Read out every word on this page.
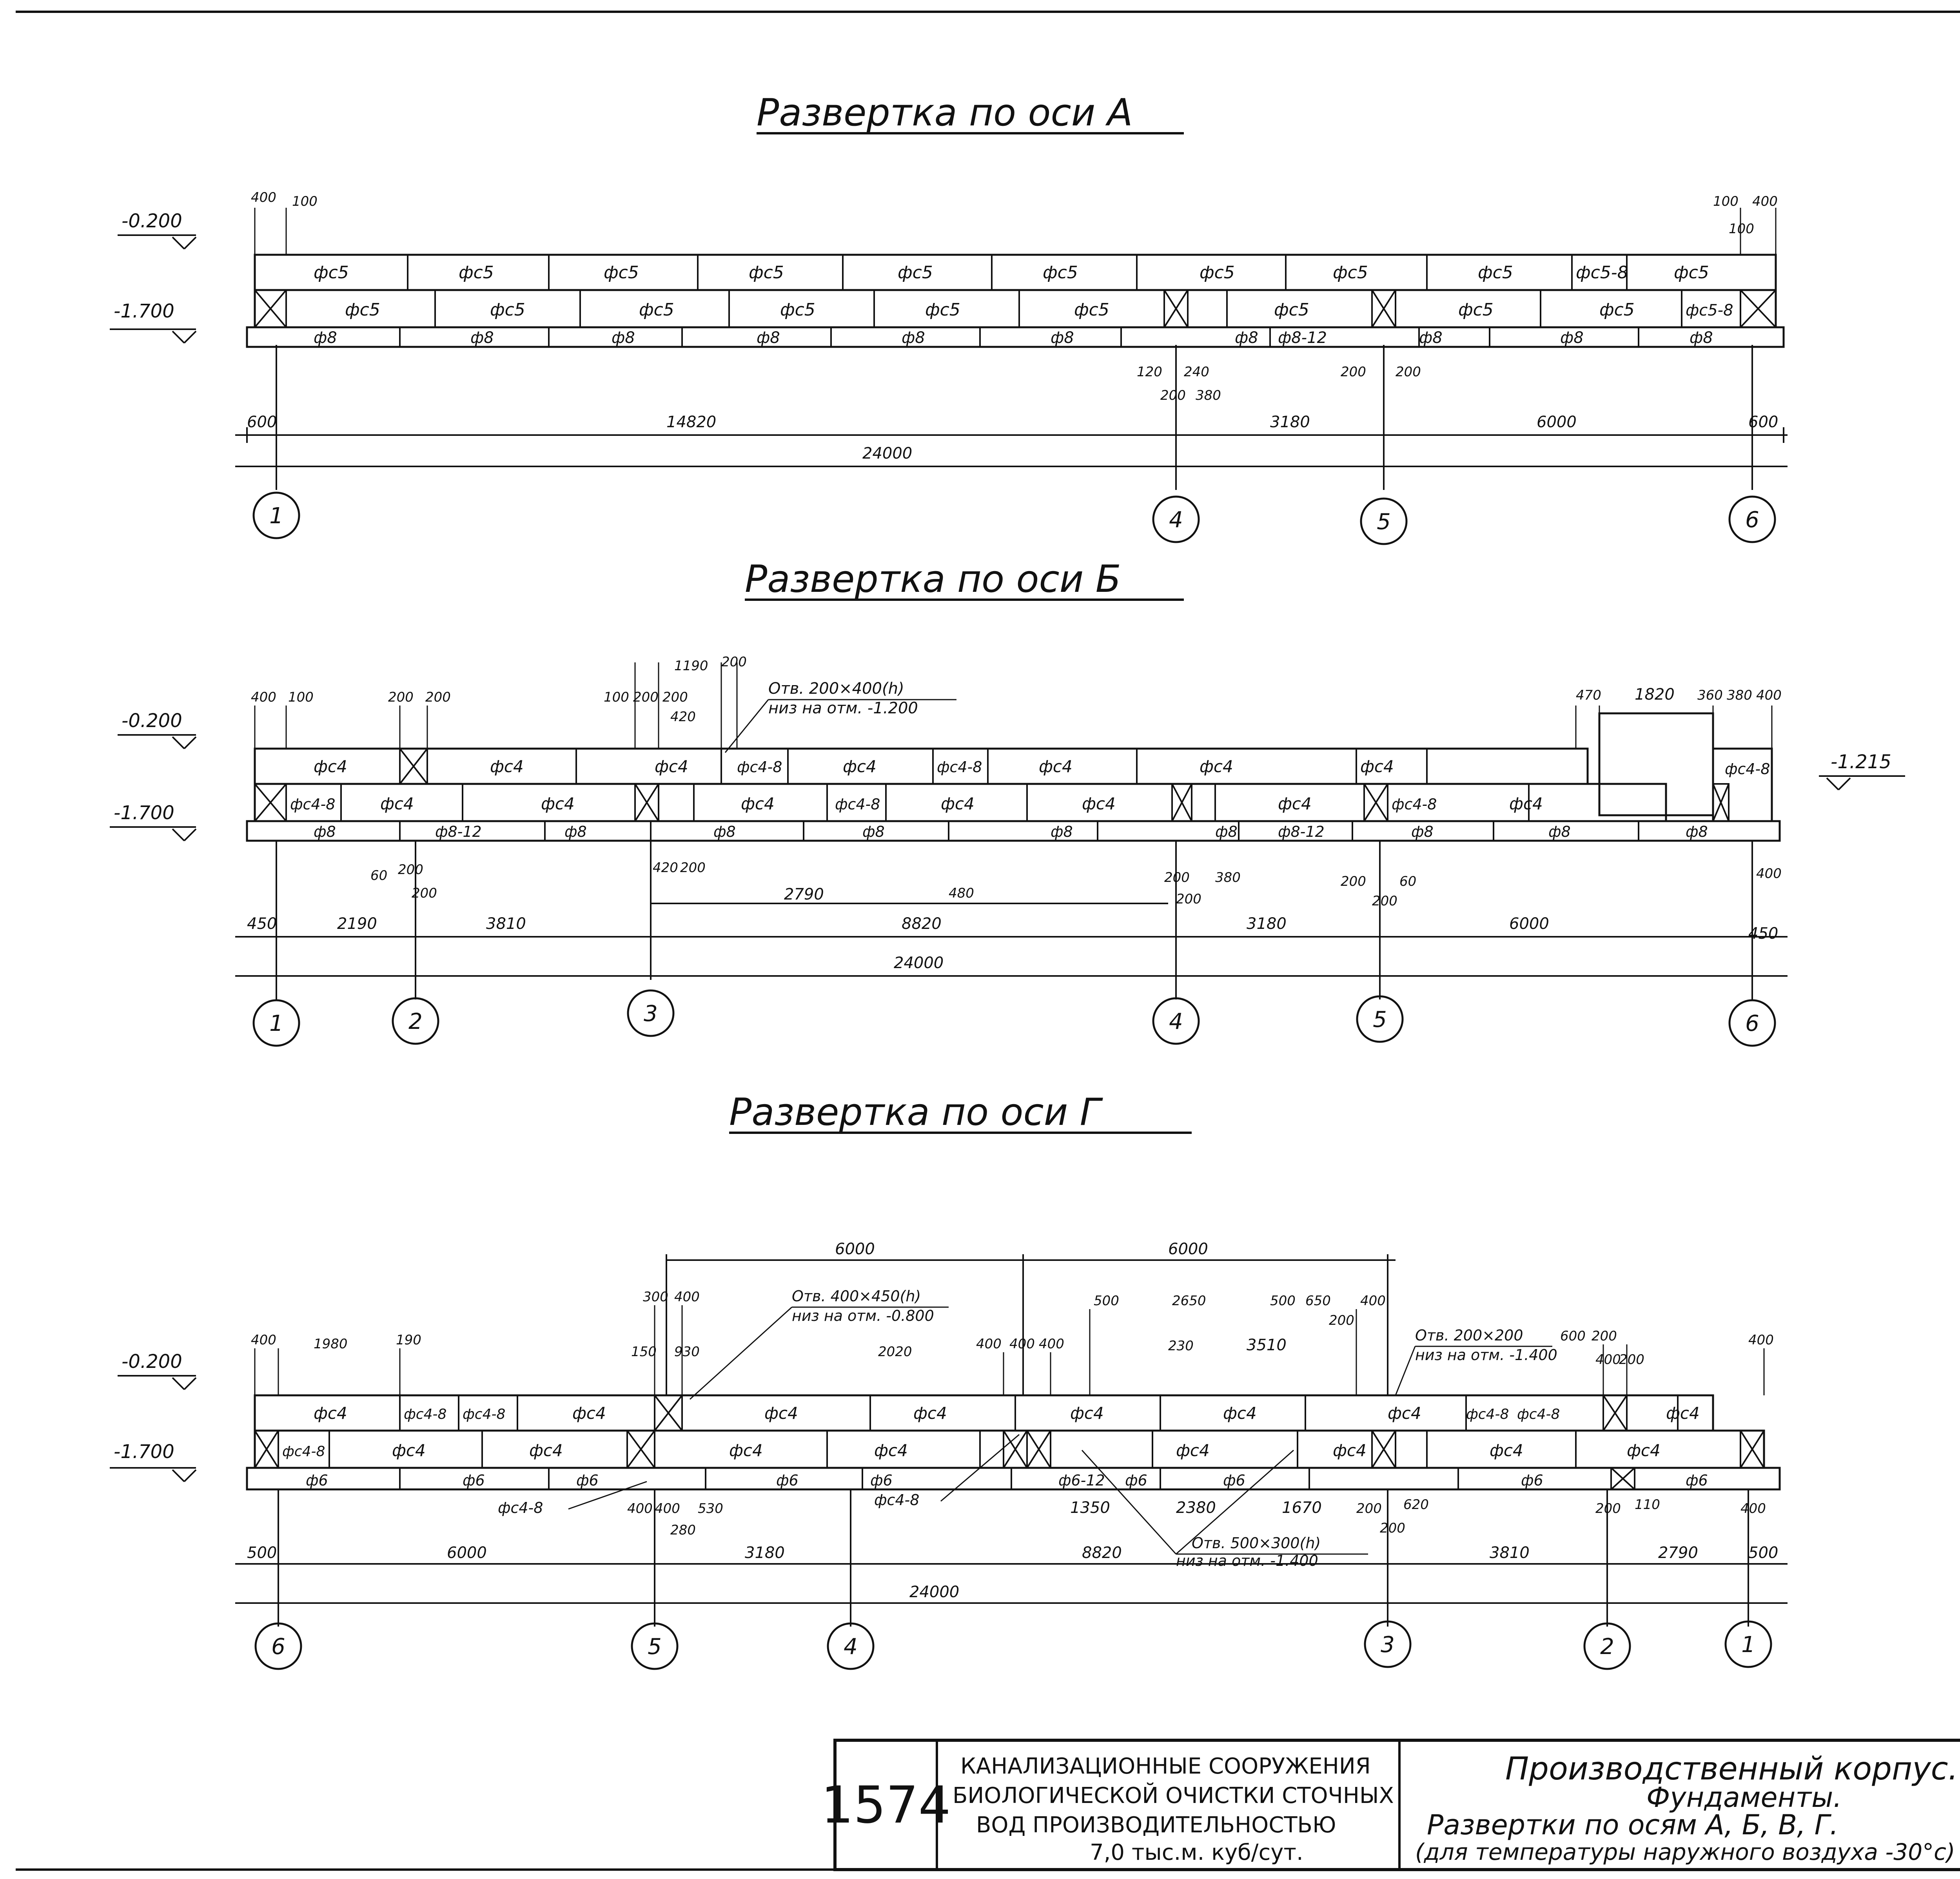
Развертка по оси А
-0.200
-1.700
фс5	фс5	фс5	фс5	фс5	фс5	фс5	фс5	фс5	фс5-8	фс5
фс5	фс5	фс5	фс5	фс5	фс5	фс5	фс5	фс5	фс5-8
ф8	ф8	ф8	ф8	ф8	ф8	ф8 ф8-12	ф8	ф8	ф8
400 100	100
100
400
120 240
200 380
200 200
600	14820	3180	6000	600
24000
1	4	5	6
Развертка по оси Б
-0.200
-1.700
-1.215
фс4	фс4	фс4	фс4-8	фс4	фс4-8	фс4	фс4	фс4	фс4-8
фс4-8	фс4	фс4	фс4	фс4-8	фс4	фс4	фс4	фс4-8	фс4
ф8	ф8-12	ф8	ф8	ф8	ф8	ф8	ф8-12	ф8	ф8	ф8
Отв. 200×400(h)
низ на отм. -1.200
400 100	200 200
1190 200
100 200 200
420
470 1820 360 380 400
60 200
200
420 200
2790	480
200 380
200
200	60
200
400
450	2190	3810	8820	3180	6000
450
24000
1	2	3	4	5	6
Развертка по оси Г
-0.200
-1.700
фс4	фс4-8 фс4-8	фс4	фс4	фс4	фс4	фс4	фс4	фс4-8 фс4-8	фс4
фс4-8	фс4	фс4	фс4	фс4	фс4	фс4	фс4	фс4
ф6	ф6	ф6	ф6	ф6	ф6-12 ф6	ф6	ф6	ф6
фс4-8	фс4-8
Отв. 400×450(h)
низ на отм. -0.800
Отв. 200×200
низ на отм. -1.400
Отв. 500×300(h)
низ на отм. -1.400
6000	6000
400	1980	190
300 400
150 930	2020	400 400 400
500	2650	500 650 400
230	3510
200
600 200
400
200
400
400 400 530
280
1350	2380	1670	200 620
200
200 110	400
500	6000	3180	8820	3810	2790	500
24000
6	5	4	3	2	1
1574
КАНАЛИЗАЦИОННЫЕ СООРУЖЕНИЯ
БИОЛОГИЧЕСКОЙ ОЧИСТКИ СТОЧНЫХ
ВОД ПРОИЗВОДИТЕЛЬНОСТЬЮ
7,0 тыс.м. куб/сут.
Производственный корпус.
Фундаменты.
Развертки по осям А, Б, В, Г.
(для температуры наружного воздуха -30°с)
